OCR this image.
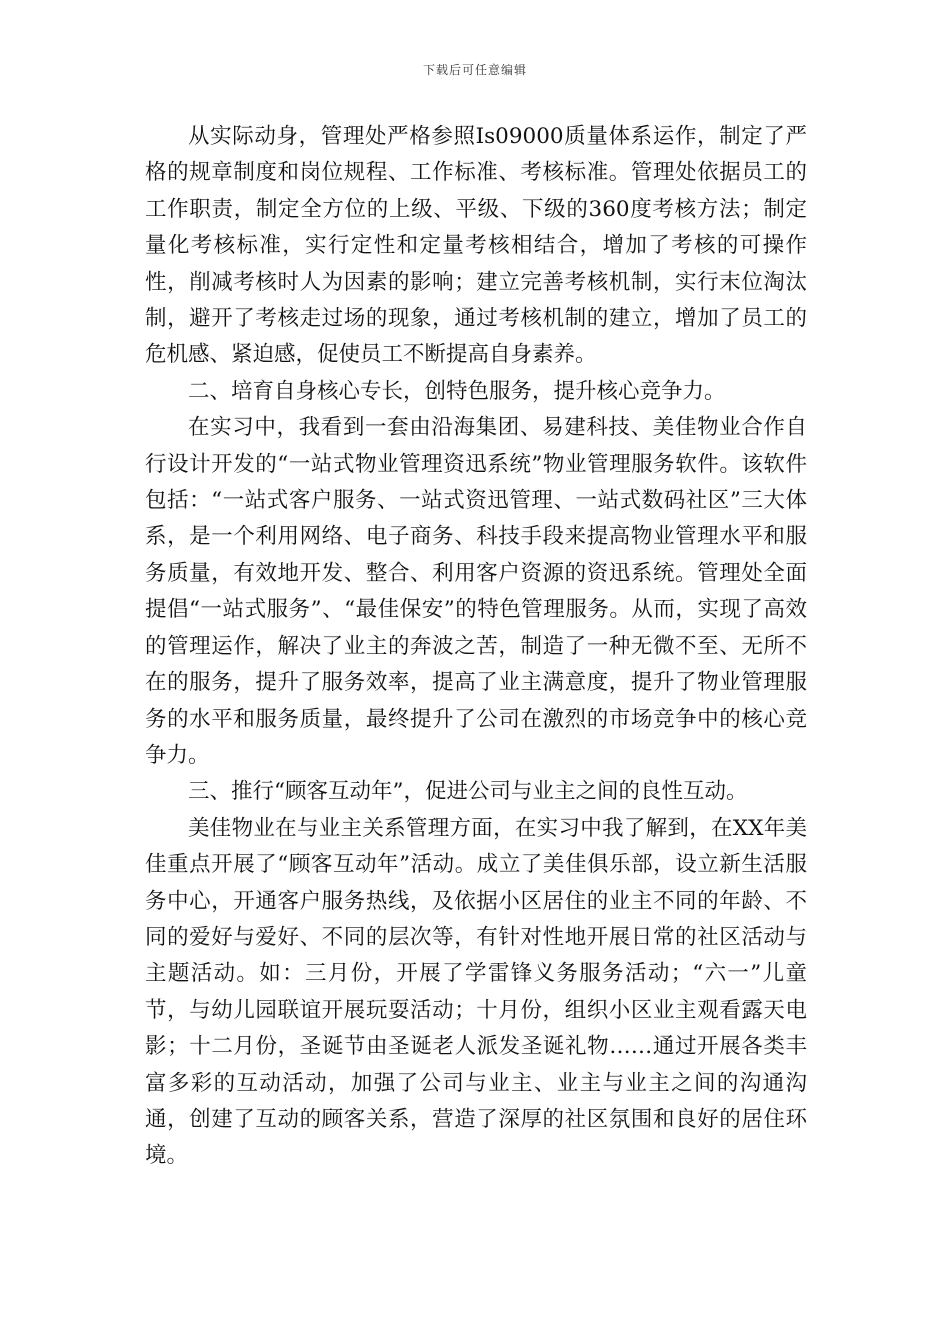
下载后可任意编辑

从实际动身，管理处严格参照Is09000质量体系运作，制定了严格的规章制度和岗位规程、工作标准、考核标准。管理处依据员工的工作职责，制定全方位的上级、平级、下级的360度考核方法；制定量化考核标准，实行定性和定量考核相结合，增加了考核的可操作性，削减考核时人为因素的影响；建立完善考核机制，实行末位淘汰制，避开了考核走过场的现象，通过考核机制的建立，增加了员工的危机感、紧迫感，促使员工不断提高自身素养。

二、培育自身核心专长，创特色服务，提升核心竞争力。

在实习中，我看到一套由沿海集团、易建科技、美佳物业合作自行设计开发的“一站式物业管理资迅系统”物业管理服务软件。该软件包括：“一站式客户服务、一站式资迅管理、一站式数码社区”三大体系，是一个利用网络、电子商务、科技手段来提高物业管理水平和服务质量，有效地开发、整合、利用客户资源的资迅系统。管理处全面提倡“一站式服务”、“最佳保安”的特色管理服务。从而，实现了高效的管理运作，解决了业主的奔波之苦，制造了一种无微不至、无所不在的服务，提升了服务效率，提高了业主满意度，提升了物业管理服务的水平和服务质量，最终提升了公司在激烈的市场竞争中的核心竞争力。

三、推行“顾客互动年”，促进公司与业主之间的良性互动。

美佳物业在与业主关系管理方面，在实习中我了解到，在XX年美佳重点开展了“顾客互动年”活动。成立了美佳俱乐部，设立新生活服务中心，开通客户服务热线，及依据小区居住的业主不同的年龄、不同的爱好与爱好、不同的层次等，有针对性地开展日常的社区活动与主题活动。如：三月份，开展了学雷锋义务服务活动；“六一”儿童节，与幼儿园联谊开展玩耍活动；十月份，组织小区业主观看露天电影；十二月份，圣诞节由圣诞老人派发圣诞礼物……通过开展各类丰富多彩的互动活动，加强了公司与业主、业主与业主之间的沟通沟通，创建了互动的顾客关系，营造了深厚的社区氛围和良好的居住环境。
